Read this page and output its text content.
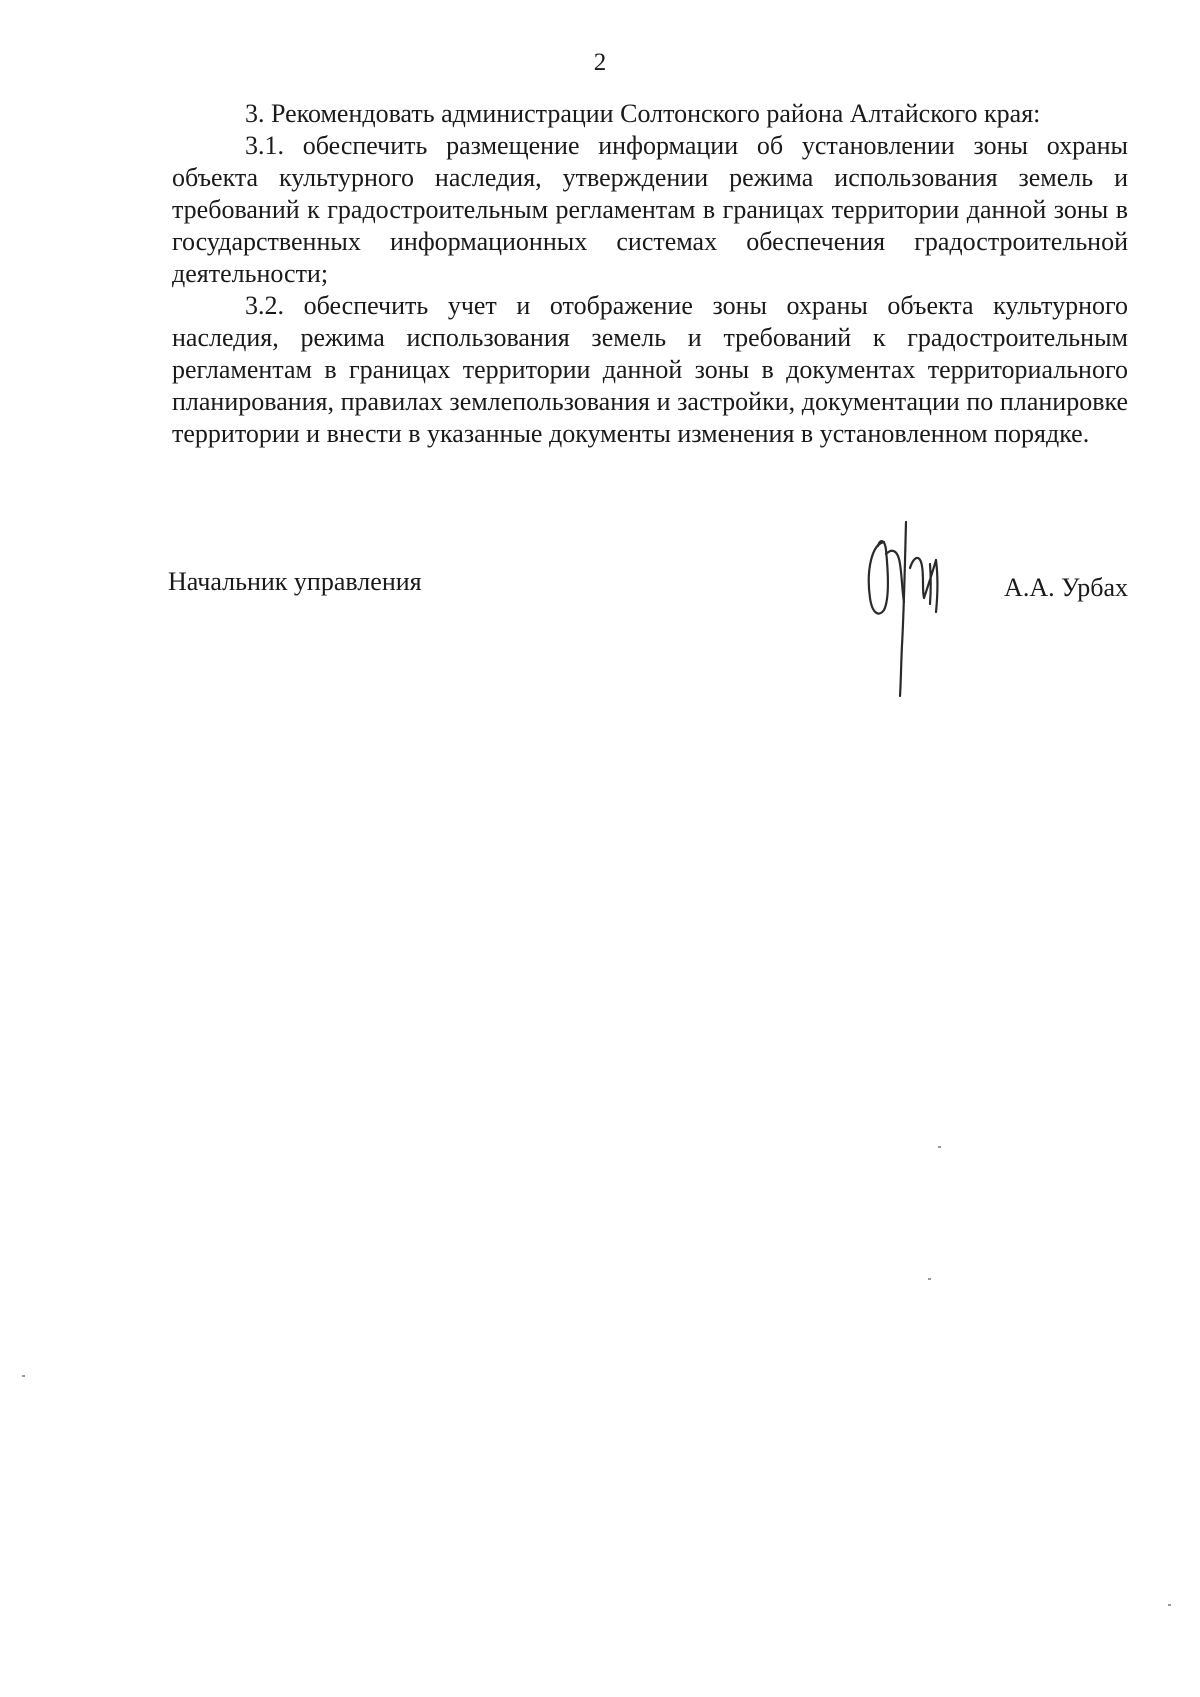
2

3. Рекомендовать администрации Солтонского района Алтайского края:

3.1. обеспечить размещение информации об установлении зоны охраны объекта культурного наследия, утверждении режима использования земель и требований к градостроительным регламентам в границах территории данной зоны в государственных информационных системах обеспечения градостроительной деятельности;

3.2. обеспечить учет и отображение зоны охраны объекта культурного наследия, режима использования земель и требований к градостроительным регламентам в границах территории данной зоны в документах территориального планирования, правилах землепользования и застройки, документации по планировке территории и внести в указанные документы изменения в установленном порядке.

Начальник управления	А.А. Урбах
